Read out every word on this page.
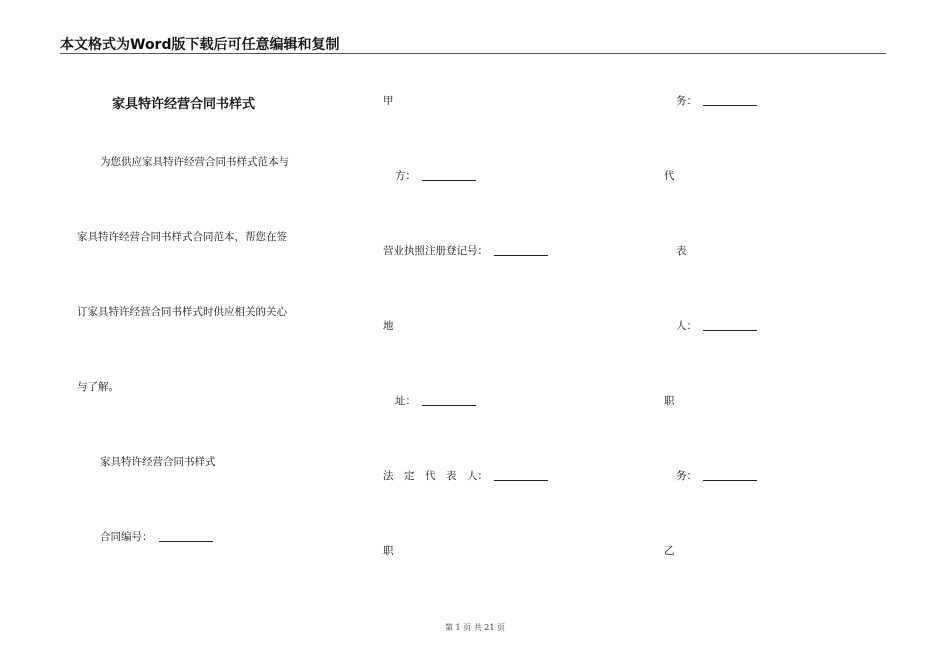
本文格式为Word版下载后可任意编辑和复制
家具特许经营合同书样式
为您供应家具特许经营合同书样式范本与
家具特许经营合同书样式合同范本，帮您在签
订家具特许经营合同书样式时供应相关的关心
与了解。
家具特许经营合同书样式
合同编号：
甲
方：
营业执照注册登记号：
地
址：
法　定　代　表　人：
职
务：
代
表
人：
职
务：
乙
第 1 页 共 21 页
